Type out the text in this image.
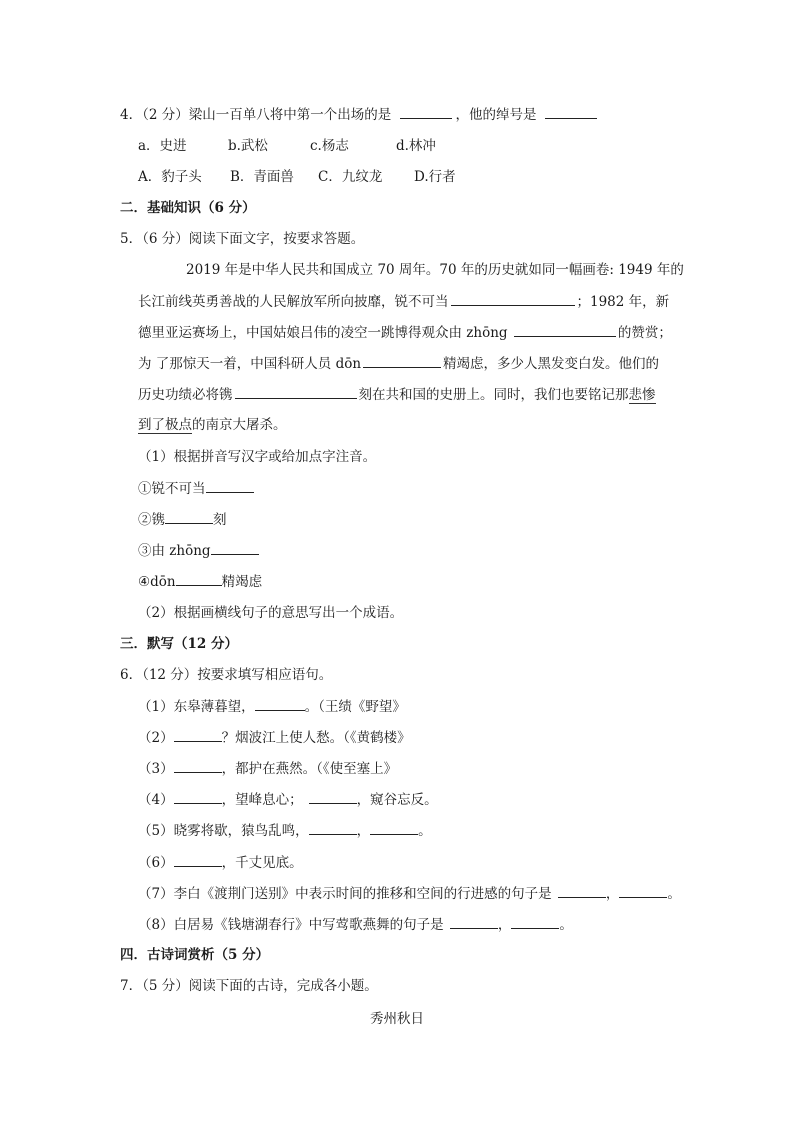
4．（2 分）梁山一百单八将中第一个出场的是	，他的绰号是
a．史进	b.武松	c.杨志	d.林冲
A．豹子头 B．青面兽 C．九纹龙 D.行者
二．基础知识（6 分）
5．（6 分）阅读下面文字，按要求答题。
2019 年是中华人民共和国成立 70 周年。70 年的历史就如同一幅画卷: 1949 年的
长江前线英勇善战的人民解放军所向披靡，锐不可当	；1982 年，新
德里亚运赛场上，中国姑娘吕伟的凌空一跳博得观众由 zhōng	的赞赏；
为 了那惊天一着，中国科研人员 dōn	精竭虑，多少人黑发变白发。他们的
历史功绩必将镌	刻在共和国的史册上。同时，我们也要铭记那悲惨
到了极点的南京大屠杀。
（1）根据拼音写汉字或给加点字注音。
①锐不可当
②镌	刻
③由 zhōng
④dōn	精竭虑
（2）根据画横线句子的意思写出一个成语。
三．默写（12 分）
6．（12 分）按要求填写相应语句。
（1）东皋薄暮望，	。（王绩《野望》
（2）	？烟波江上使人愁。（《黄鹤楼》
（3）	，都护在燕然。（《使至塞上》
（4）	，望峰息心；	，窥谷忘反。
（5）晓雾将歇，猿鸟乱鸣，	，	。
（6）	，千丈见底。
（7）李白《渡荆门送别》中表示时间的推移和空间的行进感的句子是	，	。
（8）白居易《钱塘湖春行》中写莺歌燕舞的句子是	，	。
四．古诗词赏析（5 分）
7．（5 分）阅读下面的古诗，完成各小题。
秀州秋日
